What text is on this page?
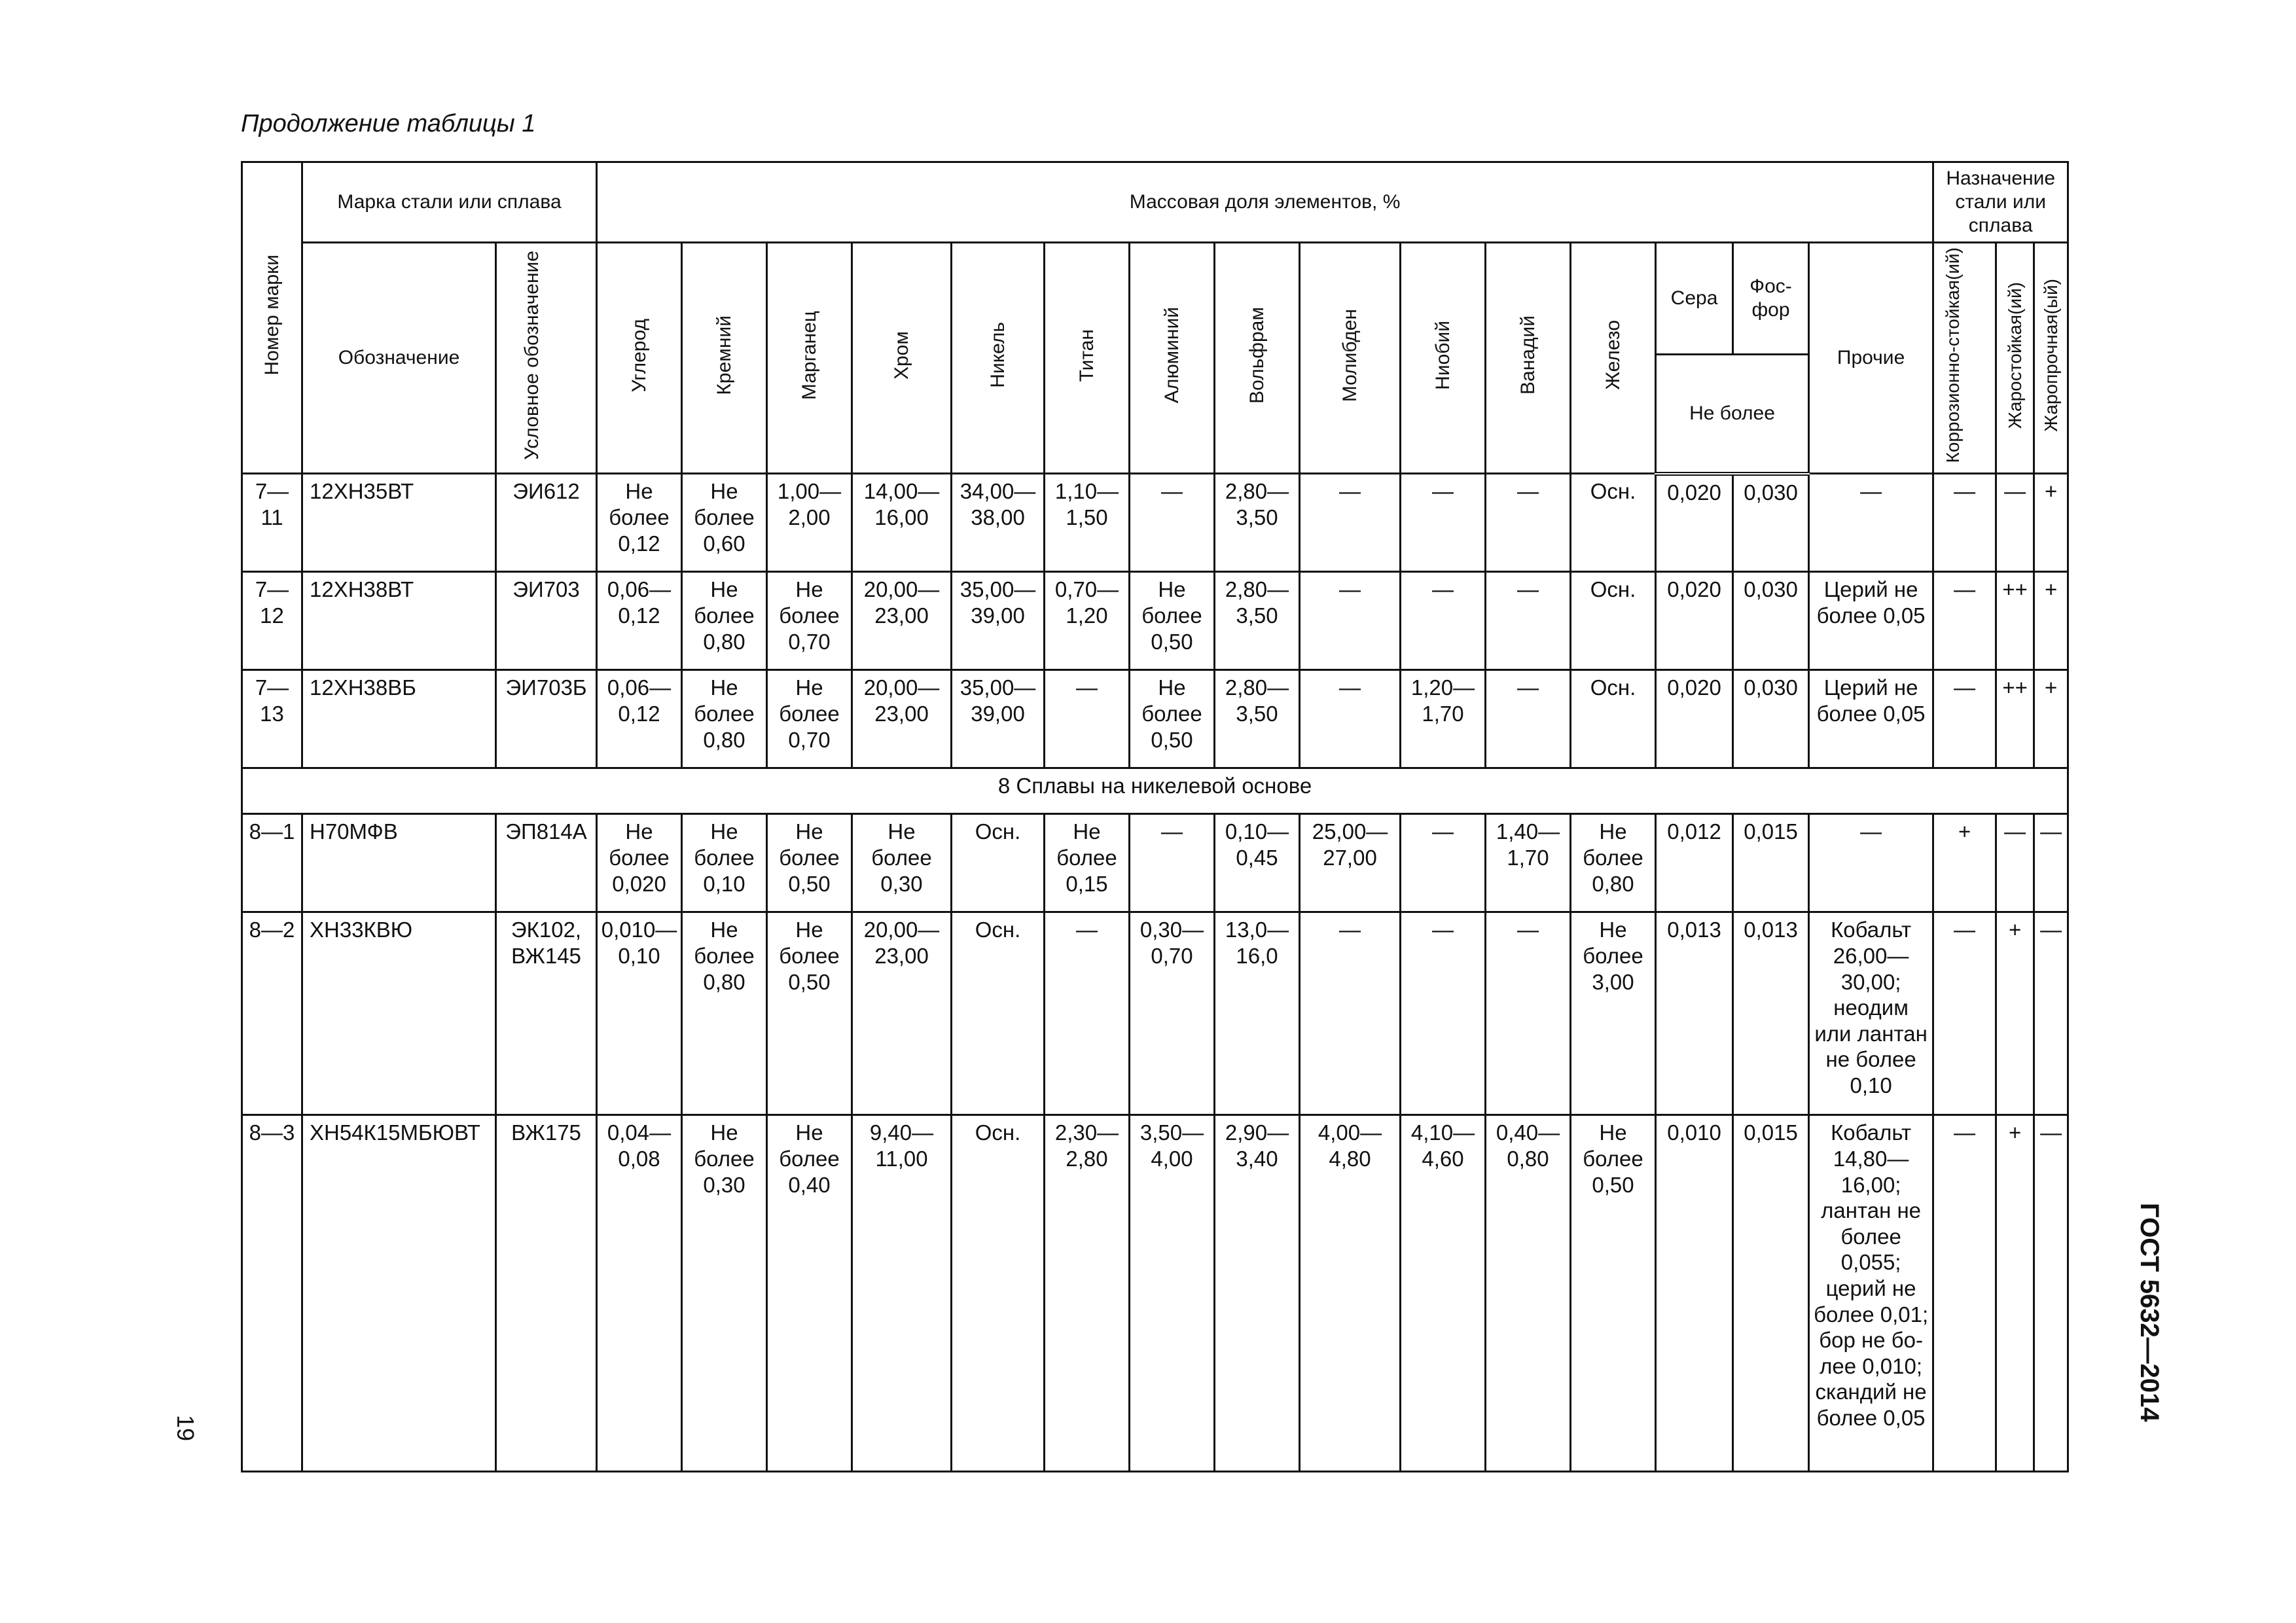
Продолжение таблицы 1
Номер марки	Марка стали или сплава		Массовая доля элементов, %															Назначение стали или сплава		
	Обозначение	Условное обозначение	Углерод	Кремний	Марганец	Хром	Никель	Титан	Алюминий	Вольфрам	Молибден	Ниобий	Ванадий	Железо	Сера	Фос-фор	Прочие	Коррозионно-стойкая(ий)	Жаростойкая(ий)	Жаропрочная(ый)
															Не более					
7—11	12ХН35ВТ	ЭИ612	Не более 0,12	Не более 0,60	1,00—2,00	14,00—16,00	34,00—38,00	1,10—1,50	—	2,80—3,50	—	—	—	Осн.	0,020	0,030	—	—	—	+
7—12	12ХН38ВТ	ЭИ703	0,06—0,12	Не более 0,80	Не более 0,70	20,00—23,00	35,00—39,00	0,70—1,20	Не более 0,50	2,80—3,50	—	—	—	Осн.	0,020	0,030	Церий не более 0,05	—	++	+
7—13	12ХН38ВБ	ЭИ703Б	0,06—0,12	Не более 0,80	Не более 0,70	20,00—23,00	35,00—39,00	—	Не более 0,50	2,80—3,50	—	1,20—1,70	—	Осн.	0,020	0,030	Церий не более 0,05	—	++	+
8 Сплавы на никелевой основе																				
8—1	Н70МФВ	ЭП814А	Не более 0,020	Не более 0,10	Не более 0,50	Не более 0,30	Осн.	Не более 0,15	—	0,10—0,45	25,00—27,00	—	1,40—1,70	Не более 0,80	0,012	0,015	—	+	—	—
8—2	ХН33КВЮ	ЭК102, ВЖ145	0,010—0,10	Не более 0,80	Не более 0,50	20,00—23,00	Осн.	—	0,30—0,70	13,0—16,0	—	—	—	Не более 3,00	0,013	0,013	Кобальт 26,00—30,00; неодим или лантан не более 0,10	—	+	—
8—3	ХН54К15МБЮВТ	ВЖ175	0,04—0,08	Не более 0,30	Не более 0,40	9,40—11,00	Осн.	2,30—2,80	3,50—4,00	2,90—3,40	4,00—4,80	4,10—4,60	0,40—0,80	Не более 0,50	0,010	0,015	Кобальт 14,80—16,00; лантан не более 0,055; церий не более 0,01; бор не бо-лее 0,010; скандий не более 0,05	—	+	—
19
ГОСТ 5632—2014
